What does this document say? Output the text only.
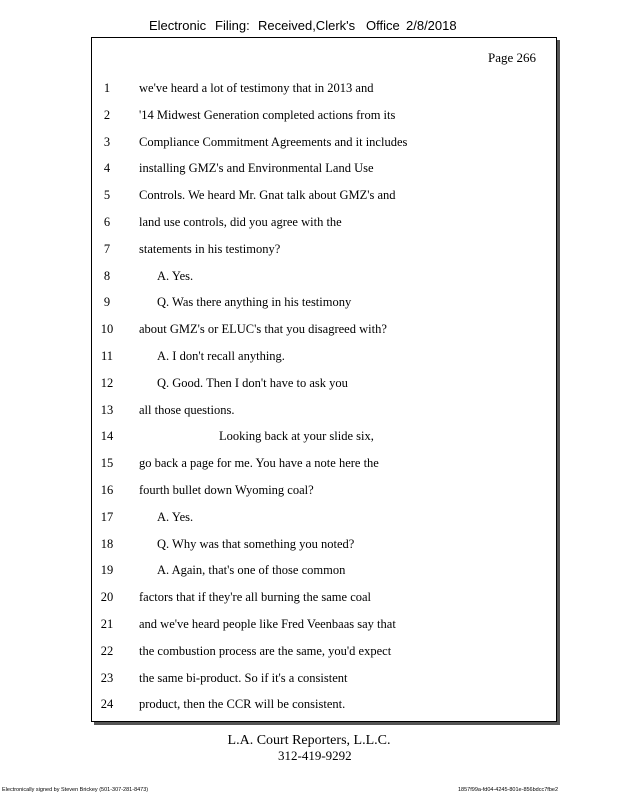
Electronic Filing: Received,Clerk's Office 2/8/2018
Page 266
1	we've heard a lot of testimony that in 2013 and
2	'14 Midwest Generation completed actions from its
3	Compliance Commitment Agreements and it includes
4	installing GMZ's and Environmental Land Use
5	Controls. We heard Mr. Gnat talk about GMZ's and
6	land use controls, did you agree with the
7	statements in his testimony?
8	A. Yes.
9	Q. Was there anything in his testimony
10	about GMZ's or ELUC's that you disagreed with?
11	A. I don't recall anything.
12	Q. Good. Then I don't have to ask you
13	all those questions.
14	Looking back at your slide six,
15	go back a page for me. You have a note here the
16	fourth bullet down Wyoming coal?
17	A. Yes.
18	Q. Why was that something you noted?
19	A. Again, that's one of those common
20	factors that if they're all burning the same coal
21	and we've heard people like Fred Veenbaas say that
22	the combustion process are the same, you'd expect
23	the same bi-product. So if it's a consistent
24	product, then the CCR will be consistent.
L.A. Court Reporters, L.L.C.
312-419-9292
Electronically signed by Steven Brickey (501-307-281-8473)	1857f99a-fd04-4245-801e-856bdcc7fbe2
